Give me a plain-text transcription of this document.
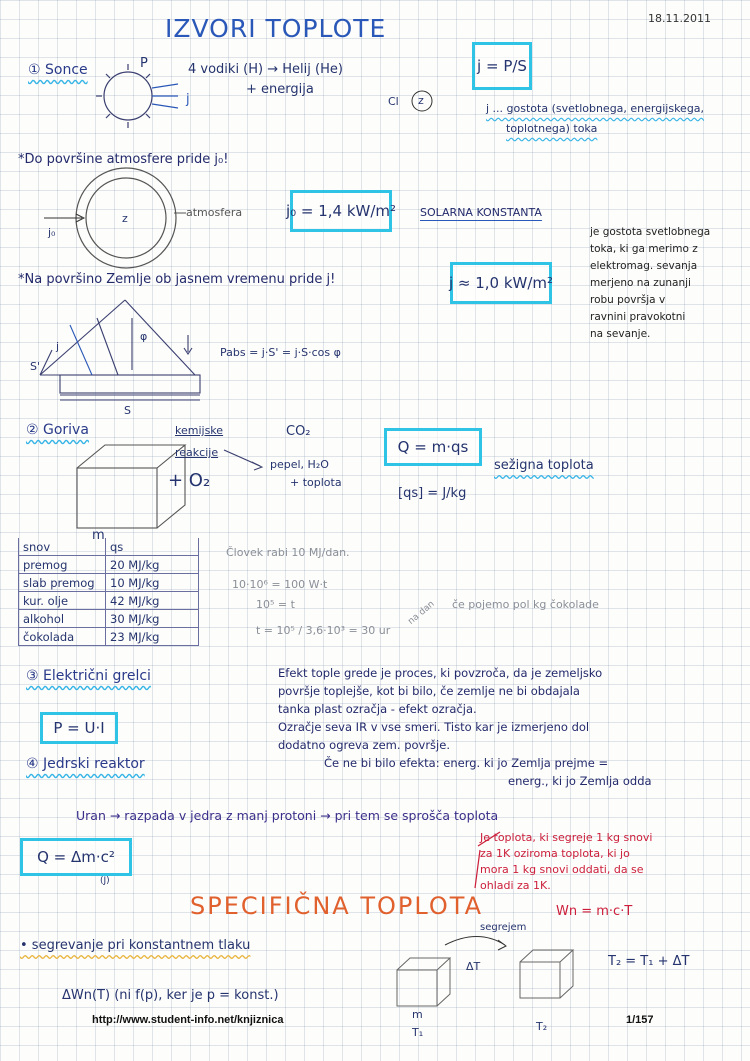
IZVORI TOPLOTE	18.11.2011
① Sonce	P
j
4 vodiki (H) → Helij (He)
+ energija
Cl z
j = P/S
j ... gostota (svetlobnega, energijskega,
toplotnega) toka
*Do površine atmosfere pride j₀!
atmosfera
j₀
z	j₀ = 1,4 kW/m² SOLARNA KONSTANTA
je gostota svetlobnega
toka, ki ga merimo z
elektromag. sevanja
merjeno na zunanji
robu površja v
ravnini pravokotni
na sevanje.
*Na površino Zemlje ob jasnem vremenu pride j!	j ≈ 1,0 kW/m²
S'
S
j
φ
Pabs = j·S' = j·S·cos φ
② Goriva	kemijske
reakcije
CO₂
+ O₂
pepel, H₂O
+ toplota
m
Q = m·qs
sežigna toplota
[qs] = J/kg
snov	qs
premog	20 MJ/kg
slab premog	10 MJ/kg
kur. olje	42 MJ/kg
alkohol	30 MJ/kg
čokolada	23 MJ/kg
Človek rabi 10 MJ/dan.
10·10⁶ = 100 W·t
10⁵ = t
t = 10⁵ / 3,6·10³ = 30 ur
če pojemo pol kg čokolade
na dan
③ Električni grelci
P = U·I
Efekt tople grede je proces, ki povzroča, da je zemeljsko
površje toplejše, kot bi bilo, če zemlje ne bi obdajala
tanka plast ozračja - efekt ozračja.
Ozračje seva IR v vse smeri. Tisto kar je izmerjeno dol
dodatno ogreva zem. površje.
Če ne bi bilo efekta: energ. ki jo Zemlja prejme =
energ., ki jo Zemlja odda
④ Jedrski reaktor
Uran → razpada v jedra z manj protoni → pri tem se sprošča toplota
Q = Δm·c²
(J)
SPECIFIČNA TOPLOTA
Je toplota, ki segreje 1 kg snovi
za 1K oziroma toplota, ki jo
mora 1 kg snovi oddati, da se
ohladi za 1K.
Wn = m·c·T
• segrevanje pri konstantnem tlaku
segrejem
ΔT	T₂ = T₁ + ΔT
ΔWn(T) (ni f(p), ker je p = konst.)
m
T₁	T₂
http://www.student-info.net/knjiznica	1/157
